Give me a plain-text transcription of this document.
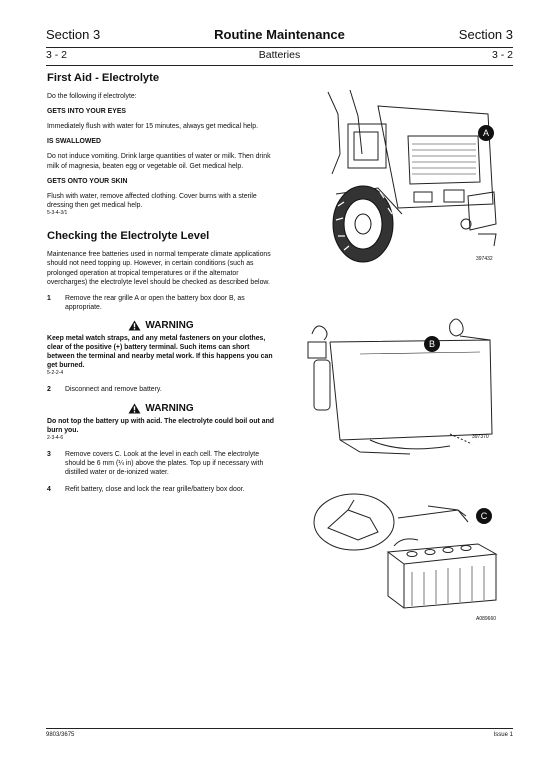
Section 3	Routine Maintenance	Section 3
3 - 2	Batteries	3 - 2
First Aid - Electrolyte

Do the following if electrolyte:

GETS INTO YOUR EYES

Immediately flush with water for 15 minutes, always get medical help.

IS SWALLOWED

Do not induce vomiting. Drink large quantities of water or milk. Then drink milk of magnesia, beaten egg or vegetable oil. Get medical help.

GETS ONTO YOUR SKIN

Flush with water, remove affected clothing. Cover burns with a sterile dressing then get medical help.

5-3-4-3/1
Checking the Electrolyte Level

Maintenance free batteries used in normal temperate climate applications should not need topping up. However, in certain conditions (such as prolonged operation at tropical temperatures or if the alternator overcharges) the electrolyte level should be checked as described below.

1	Remove the rear grille A or open the battery box door B, as appropriate.
WARNING
Keep metal watch straps, and any metal fasteners on your clothes, clear of the positive (+) battery terminal. Such items can short between the terminal and nearby metal work. If this happens you can get burned.
5-2-2-4
2	Disconnect and remove battery.
WARNING
Do not top the battery up with acid. The electrolyte could boil out and burn you.
2-3-4-6
3	Remove covers C. Look at the level in each cell. The electrolyte should be 6 mm (¼ in) above the plates. Top up if necessary with distilled water or de-ionized water.
4	Refit battery, close and lock the rear grille/battery box door.
A
397432
B
397370
C
A089660
9803/3675	Issue 1
